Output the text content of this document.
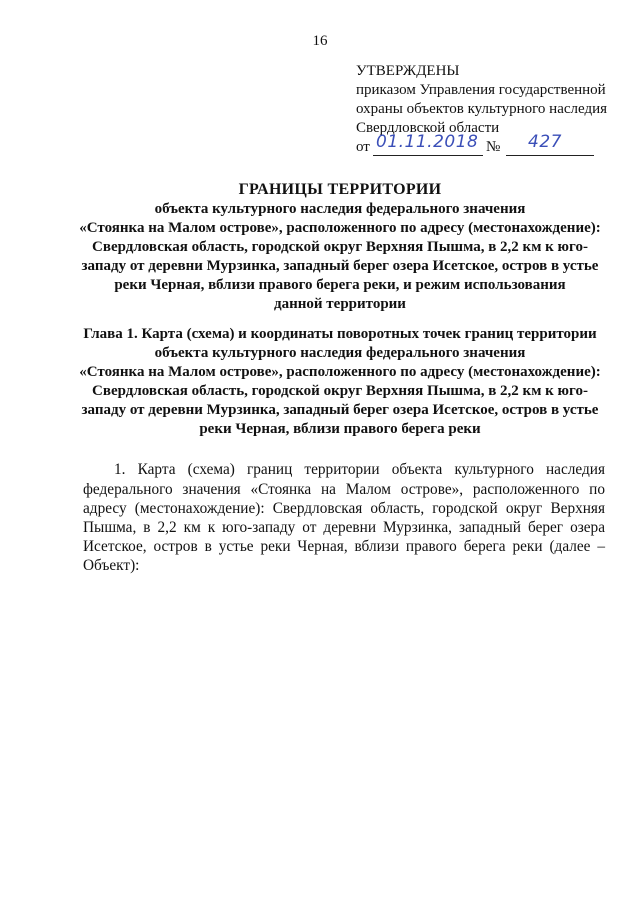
16
УТВЕРЖДЕНЫ
приказом Управления государственной
охраны объектов культурного наследия
Свердловской области
от 01.11.2018 № 427
ГРАНИЦЫ ТЕРРИТОРИИ
объекта культурного наследия федерального значения
«Стоянка на Малом острове», расположенного по адресу (местонахождение):
Свердловская область, городской округ Верхняя Пышма, в 2,2 км к юго-
западу от деревни Мурзинка, западный берег озера Исетское, остров в устье
реки Черная, вблизи правого берега реки, и режим использования
данной территории
Глава 1. Карта (схема) и координаты поворотных точек границ территории
объекта культурного наследия федерального значения
«Стоянка на Малом острове», расположенного по адресу (местонахождение):
Свердловская область, городской округ Верхняя Пышма, в 2,2 км к юго-
западу от деревни Мурзинка, западный берег озера Исетское, остров в устье
реки Черная, вблизи правого берега реки

1. Карта (схема) границ территории объекта культурного наследия федерального значения «Стоянка на Малом острове», расположенного по адресу (местонахождение): Свердловская область, городской округ Верхняя Пышма, в 2,2 км к юго-западу от деревни Мурзинка, западный берег озера Исетское, остров в устье реки Черная, вблизи правого берега реки (далее – Объект):
